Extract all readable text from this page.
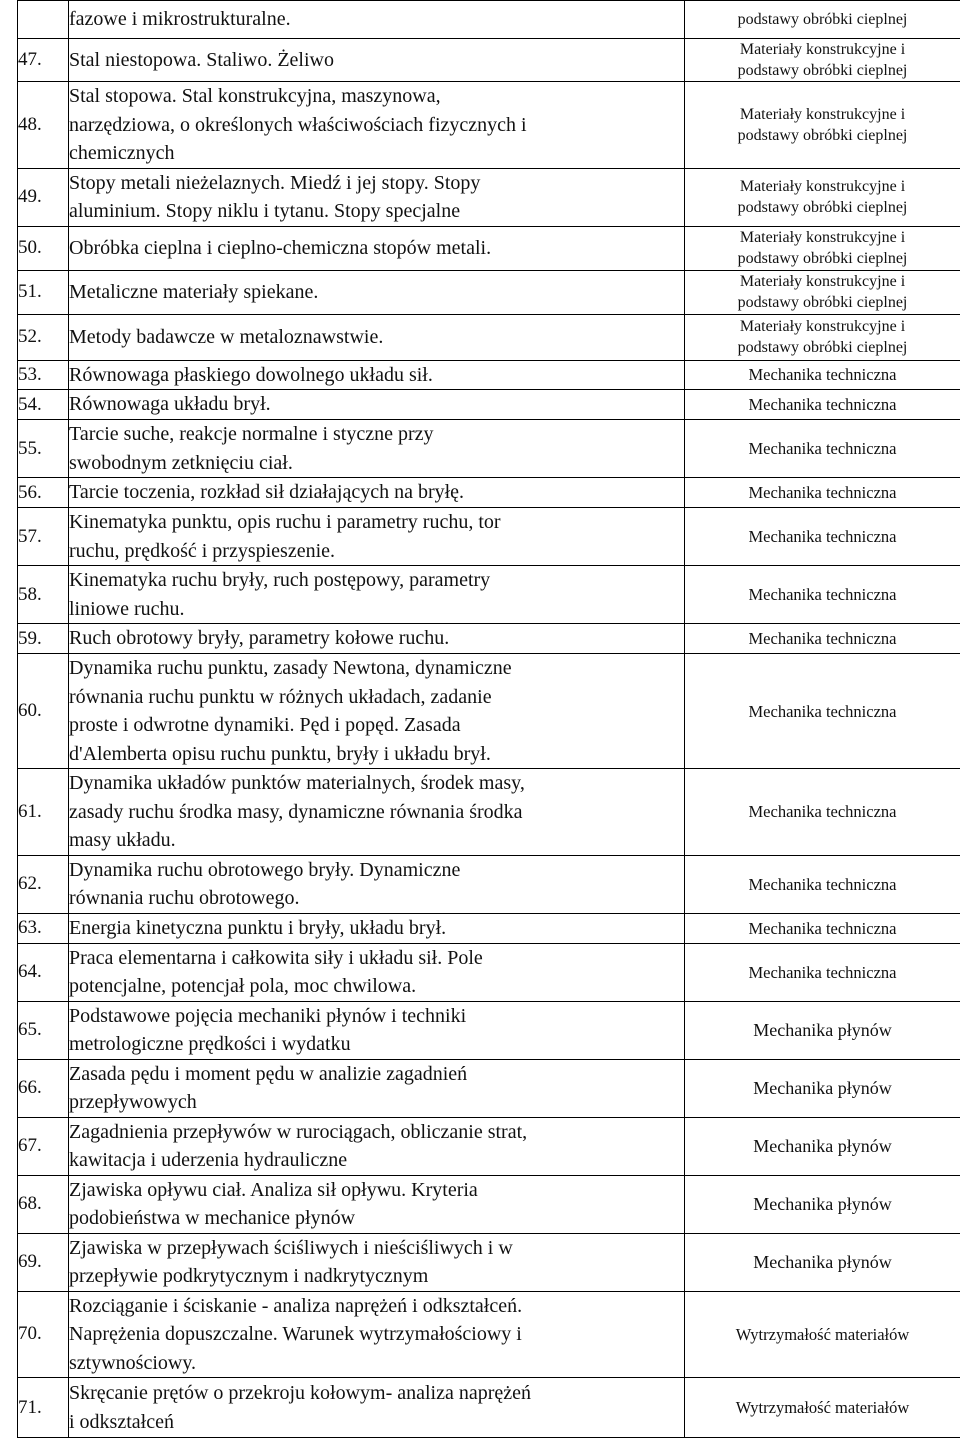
	fazowe i mikrostrukturalne.	podstawy obróbki cieplnej

47.	Stal niestopowa. Staliwo. Żeliwo	Materiały konstrukcyjne i
podstawy obróbki cieplnej

48.	Stal stopowa. Stal konstrukcyjna, maszynowa,
narzędziowa, o określonych właściwościach fizycznych i
chemicznych	Materiały konstrukcyjne i
podstawy obróbki cieplnej

49.	Stopy metali nieżelaznych. Miedź i jej stopy. Stopy
aluminium. Stopy niklu i tytanu. Stopy specjalne	Materiały konstrukcyjne i
podstawy obróbki cieplnej

50.	Obróbka cieplna i cieplno-chemiczna stopów metali.	Materiały konstrukcyjne i
podstawy obróbki cieplnej

51.	Metaliczne materiały spiekane.	Materiały konstrukcyjne i
podstawy obróbki cieplnej

52.	Metody badawcze w metaloznawstwie.	Materiały konstrukcyjne i
podstawy obróbki cieplnej

53.	Równowaga płaskiego dowolnego układu sił.	Mechanika techniczna

54.	Równowaga układu brył.	Mechanika techniczna

55.	Tarcie suche, reakcje normalne i styczne przy
swobodnym zetknięciu ciał.	Mechanika techniczna

56.	Tarcie toczenia, rozkład sił działających na bryłę.	Mechanika techniczna

57.	Kinematyka punktu, opis ruchu i parametry ruchu, tor
ruchu, prędkość i przyspieszenie.	Mechanika techniczna

58.	Kinematyka ruchu bryły, ruch postępowy, parametry
liniowe ruchu.	Mechanika techniczna

59.	Ruch obrotowy bryły, parametry kołowe ruchu.	Mechanika techniczna

60.	Dynamika ruchu punktu, zasady Newtona, dynamiczne
równania ruchu punktu w różnych układach, zadanie
proste i odwrotne dynamiki. Pęd i popęd. Zasada
d'Alemberta opisu ruchu punktu, bryły i układu brył.	Mechanika techniczna

61.	Dynamika układów punktów materialnych, środek masy,
zasady ruchu środka masy, dynamiczne równania środka
masy układu.	Mechanika techniczna

62.	Dynamika ruchu obrotowego bryły. Dynamiczne
równania ruchu obrotowego.	Mechanika techniczna

63.	Energia kinetyczna punktu i bryły, układu brył.	Mechanika techniczna

64.	Praca elementarna i całkowita siły i układu sił. Pole
potencjalne, potencjał pola, moc chwilowa.	Mechanika techniczna

65.	Podstawowe pojęcia mechaniki płynów i techniki
metrologiczne prędkości i wydatku	Mechanika płynów

66.	Zasada pędu i moment pędu w analizie zagadnień
przepływowych	Mechanika płynów

67.	Zagadnienia przepływów w rurociągach, obliczanie strat,
kawitacja i uderzenia hydrauliczne	Mechanika płynów

68.	Zjawiska opływu ciał. Analiza sił opływu. Kryteria
podobieństwa w mechanice płynów	Mechanika płynów

69.	Zjawiska w przepływach ściśliwych i nieściśliwych i w
przepływie podkrytycznym i nadkrytycznym	Mechanika płynów

70.	Rozciąganie i ściskanie - analiza naprężeń i odkształceń.
Naprężenia dopuszczalne. Warunek wytrzymałościowy i
sztywnościowy.	Wytrzymałość materiałów

71.	Skręcanie prętów o przekroju kołowym- analiza naprężeń
i odkształceń	Wytrzymałość materiałów
